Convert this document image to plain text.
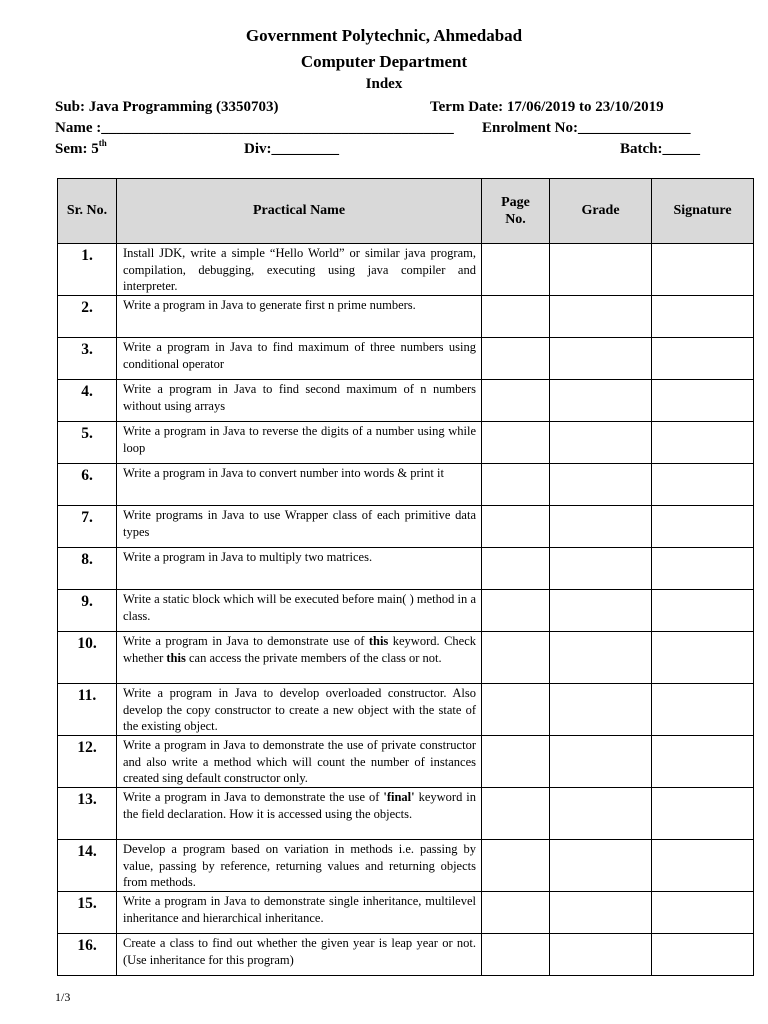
Government Polytechnic, Ahmedabad
Computer Department
Index
Sub: Java Programming (3350703)	Term Date: 17/06/2019 to 23/10/2019
Name :_______________________________________________ Enrolment No:_______________
Sem: 5th	Div:_________	Batch:_____
Sr. No.	Practical Name	Page No.	Grade	Signature
1.	Install JDK, write a simple “Hello World” or similar java program, compilation, debugging, executing using java compiler and interpreter.			
2.	Write a program in Java to generate first n prime numbers.			
3.	Write a program in Java to find maximum of three numbers using conditional operator			
4.	Write a program in Java to find second maximum of n numbers without using arrays			
5.	Write a program in Java to reverse the digits of a number using while loop			
6.	Write a program in Java to convert number into words & print it			
7.	Write programs in Java to use Wrapper class of each primitive data types			
8.	Write a program in Java to multiply two matrices.			
9.	Write a static block which will be executed before main( ) method in a class.			
10.	Write a program in Java to demonstrate use of this keyword. Check whether this can access the private members of the class or not.			
11.	Write a program in Java to develop overloaded constructor. Also develop the copy constructor to create a new object with the state of the existing object.			
12.	Write a program in Java to demonstrate the use of private constructor and also write a method which will count the number of instances created sing default constructor only.			
13.	Write a program in Java to demonstrate the use of 'final' keyword in the field declaration. How it is accessed using the objects.			
14.	Develop a program based on variation in methods i.e. passing by value, passing by reference, returning values and returning objects from methods.			
15.	Write a program in Java to demonstrate single inheritance, multilevel inheritance and hierarchical inheritance.			
16.	Create a class to find out whether the given year is leap year or not. (Use inheritance for this program)			
1/3
